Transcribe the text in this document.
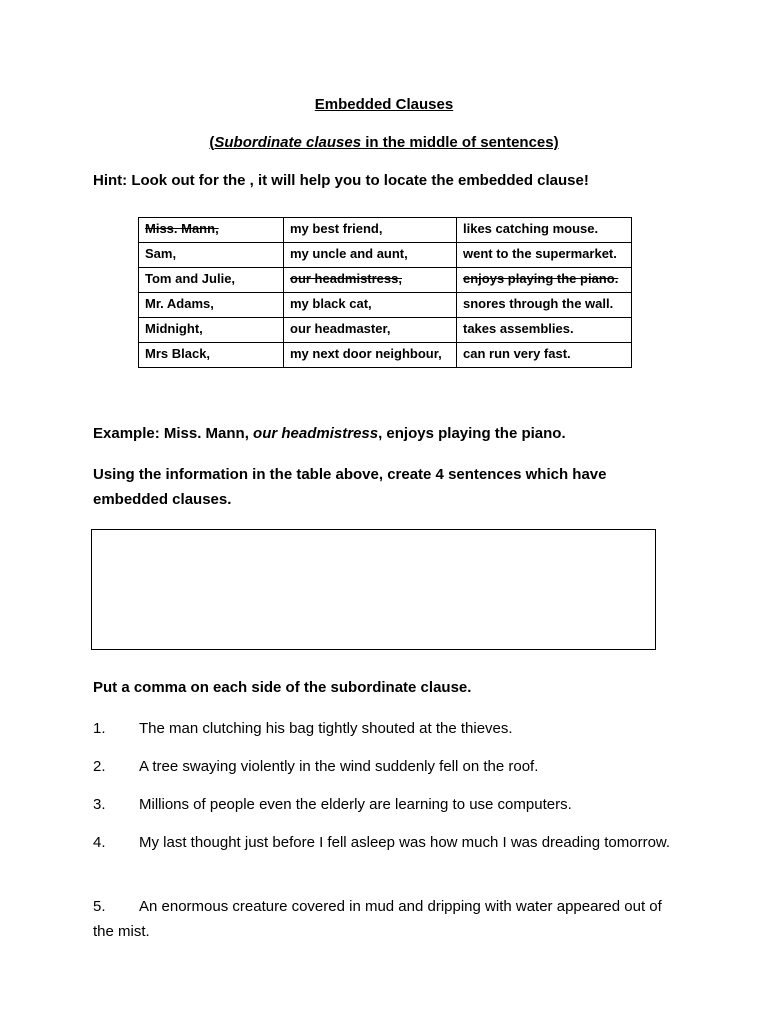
Embedded Clauses
(Subordinate clauses in the middle of sentences)
Hint: Look out for the , it will help you to locate the embedded clause!
Miss. Mann,	my best friend,	likes catching mouse.
Sam,	my uncle and aunt,	went to the supermarket.
Tom and Julie,	our headmistress,	enjoys playing the piano.
Mr. Adams,	my black cat,	snores through the wall.
Midnight,	our headmaster,	takes assemblies.
Mrs Black,	my next door neighbour,	can run very fast.
Example: Miss. Mann, our headmistress, enjoys playing the piano.
Using the information in the table above, create 4 sentences which have embedded clauses.
Put a comma on each side of the subordinate clause.
1. The man clutching his bag tightly shouted at the thieves.
2. A tree swaying violently in the wind suddenly fell on the roof.
3. Millions of people even the elderly are learning to use computers.
4. My last thought just before I fell asleep was how much I was dreading tomorrow.
5. An enormous creature covered in mud and dripping with water appeared out of the mist.
